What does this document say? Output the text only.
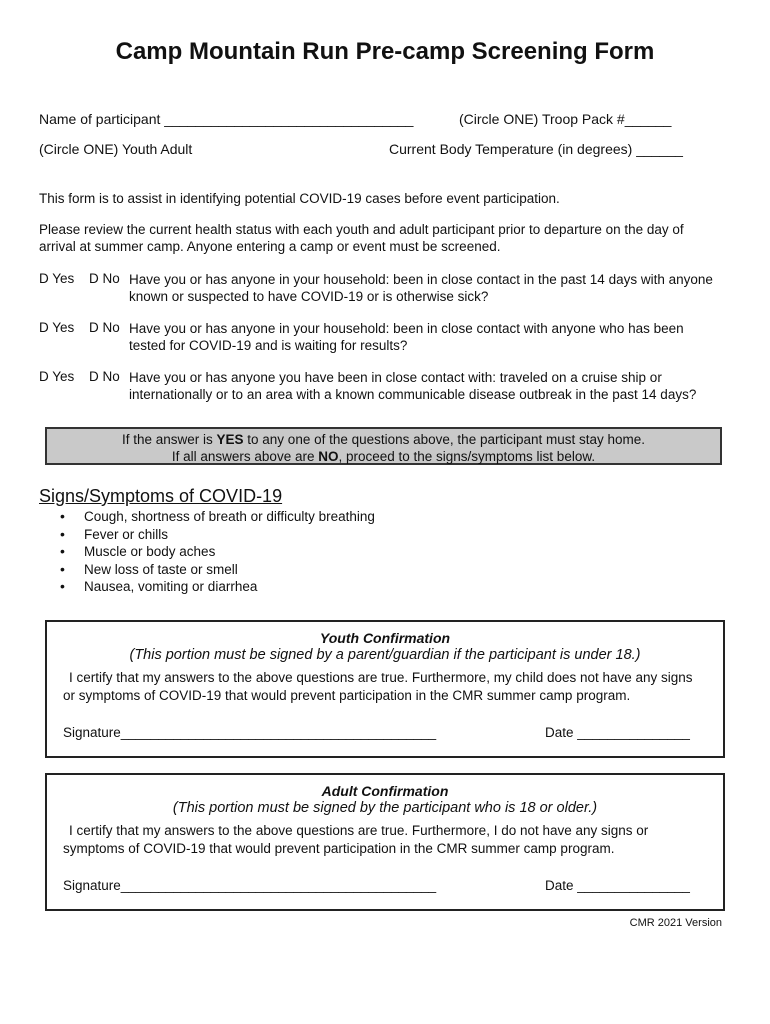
Camp Mountain Run Pre-camp Screening Form
Name of participant ________________________________	(Circle ONE) Troop Pack #______
(Circle ONE) Youth Adult	Current Body Temperature (in degrees) ______
This form is to assist in identifying potential COVID-19 cases before event participation.
Please review the current health status with each youth and adult participant prior to departure on the day of
arrival at summer camp. Anyone entering a camp or event must be screened.
D Yes D No Have you or has anyone in your household: been in close contact in the past 14 days with anyone
known or suspected to have COVID-19 or is otherwise sick?
D Yes D No Have you or has anyone in your household: been in close contact with anyone who has been
tested for COVID-19 and is waiting for results?
D Yes D No Have you or has anyone you have been in close contact with: traveled on a cruise ship or
internationally or to an area with a known communicable disease outbreak in the past 14 days?
If the answer is YES to any one of the questions above, the participant must stay home.
If all answers above are NO, proceed to the signs/symptoms list below.
Signs/Symptoms of COVID-19
• Cough, shortness of breath or difficulty breathing
• Fever or chills
• Muscle or body aches
• New loss of taste or smell
• Nausea, vomiting or diarrhea
Youth Confirmation
(This portion must be signed by a parent/guardian if the participant is under 18.)
I certify that my answers to the above questions are true. Furthermore, my child does not have any signs
or symptoms of COVID-19 that would prevent participation in the CMR summer camp program.
Signature__________________________________________	Date _______________
Adult Confirmation
(This portion must be signed by the participant who is 18 or older.)
I certify that my answers to the above questions are true. Furthermore, I do not have any signs or
symptoms of COVID-19 that would prevent participation in the CMR summer camp program.
Signature__________________________________________	Date _______________
CMR 2021 Version
